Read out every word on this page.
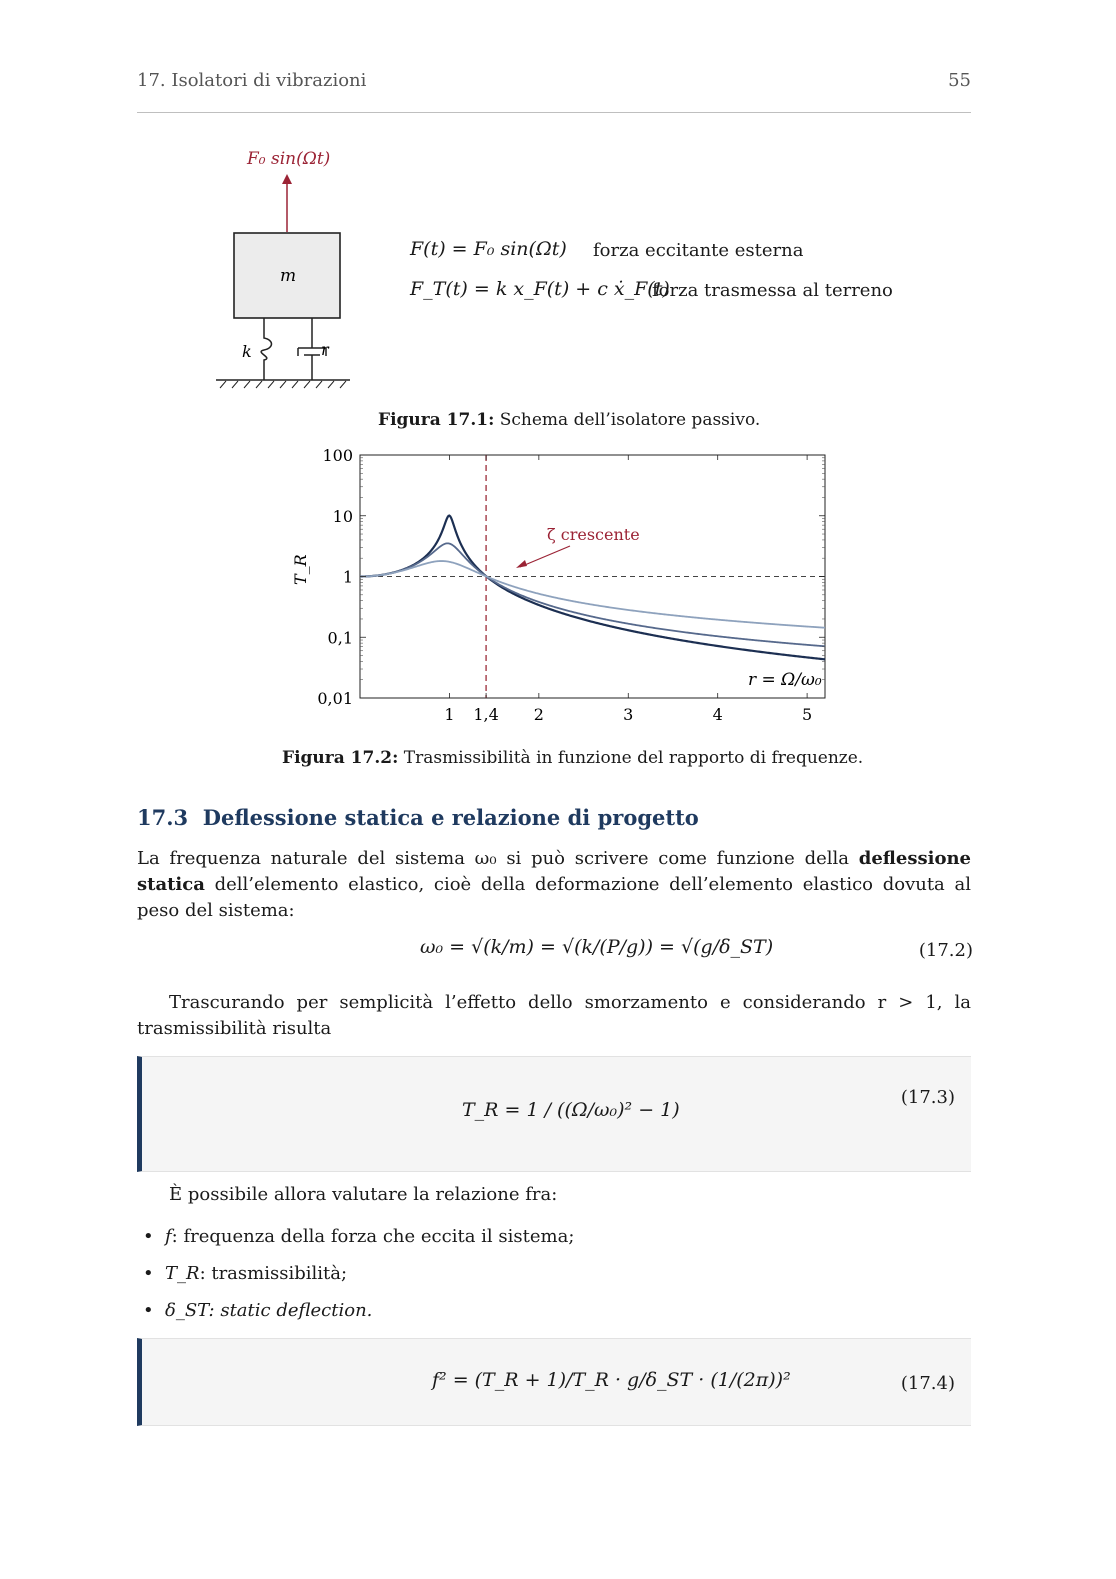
17. Isolatori di vibrazioni	55
F₀ sin(Ωt)
m
k	r
F(t) = F₀ sin(Ωt) forza eccitante esterna
F_T(t) = k x_F(t) + c ẋ_F(t)
forza trasmessa al terreno
Figura 17.1: Schema dell’isolatore passivo.
1 1,4 2	3	4	5
100
10
1
0,1
0,01
T_R
r = Ω/ω₀
ζ crescente
Figura 17.2: Trasmissibilità in funzione del rapporto di frequenze.
17.3 Deflessione statica e relazione di progetto
La frequenza naturale del sistema ω₀ si può scrivere come funzione della deflessione statica dell’elemento elastico, cioè della deformazione dell’elemento elastico dovuta al peso del sistema:
ω₀ = √(k/m) = √(k/(P/g)) = √(g/δ_ST)	(17.2)
Trascurando per semplicità l’effetto dello smorzamento e considerando r > 1, la trasmissibilità risulta
T_R = 1 / ((Ω/ω₀)² − 1)
(17.3)
È possibile allora valutare la relazione fra:
• f: frequenza della forza che eccita il sistema;
• T_R: trasmissibilità;
• δ_ST: static deflection.
f² = (T_R + 1)/T_R · g/δ_ST · (1/(2π))²	(17.4)
